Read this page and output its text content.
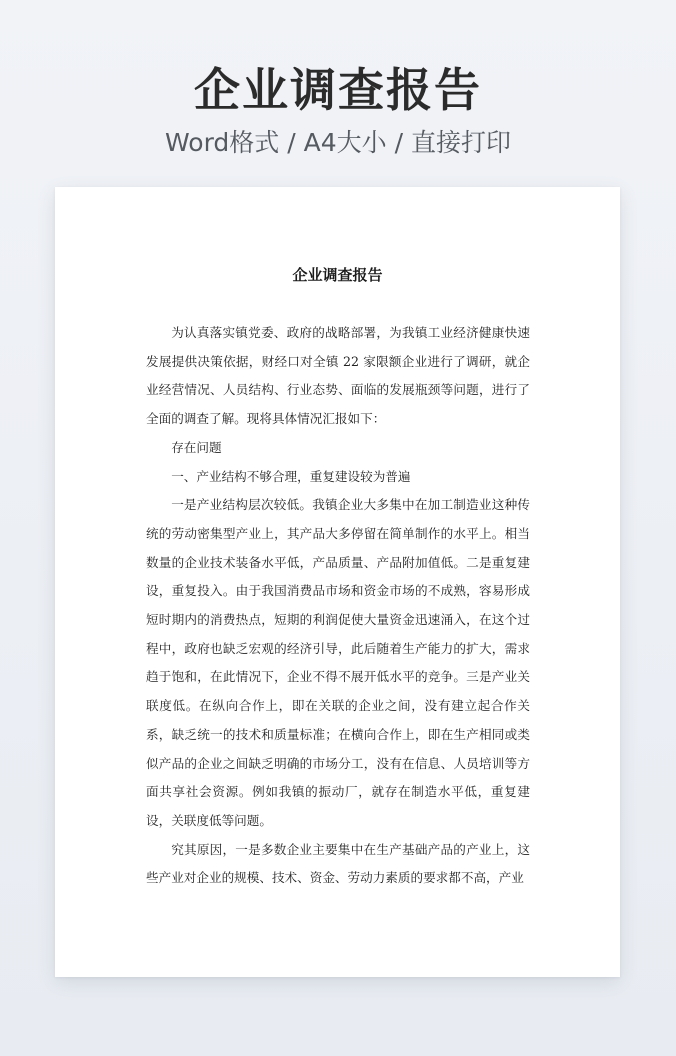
企业调查报告
Word格式 / A4大小 / 直接打印
企业调查报告

为认真落实镇党委、政府的战略部署，为我镇工业经济健康快速发展提供决策依据，财经口对全镇 22 家限额企业进行了调研，就企业经营情况、人员结构、行业态势、面临的发展瓶颈等问题，进行了全面的调查了解。现将具体情况汇报如下：

存在问题

一、产业结构不够合理，重复建设较为普遍

一是产业结构层次较低。我镇企业大多集中在加工制造业这种传统的劳动密集型产业上，其产品大多停留在简单制作的水平上。相当数量的企业技术装备水平低，产品质量、产品附加值低。二是重复建设，重复投入。由于我国消费品市场和资金市场的不成熟，容易形成短时期内的消费热点，短期的利润促使大量资金迅速涌入，在这个过程中，政府也缺乏宏观的经济引导，此后随着生产能力的扩大，需求趋于饱和，在此情况下，企业不得不展开低水平的竞争。三是产业关联度低。在纵向合作上，即在关联的企业之间，没有建立起合作关系，缺乏统一的技术和质量标准；在横向合作上，即在生产相同或类似产品的企业之间缺乏明确的市场分工，没有在信息、人员培训等方面共享社会资源。例如我镇的振动厂，就存在制造水平低，重复建设，关联度低等问题。

究其原因，一是多数企业主要集中在生产基础产品的产业上，这些产业对企业的规模、技术、资金、劳动力素质的要求都不高，产业
